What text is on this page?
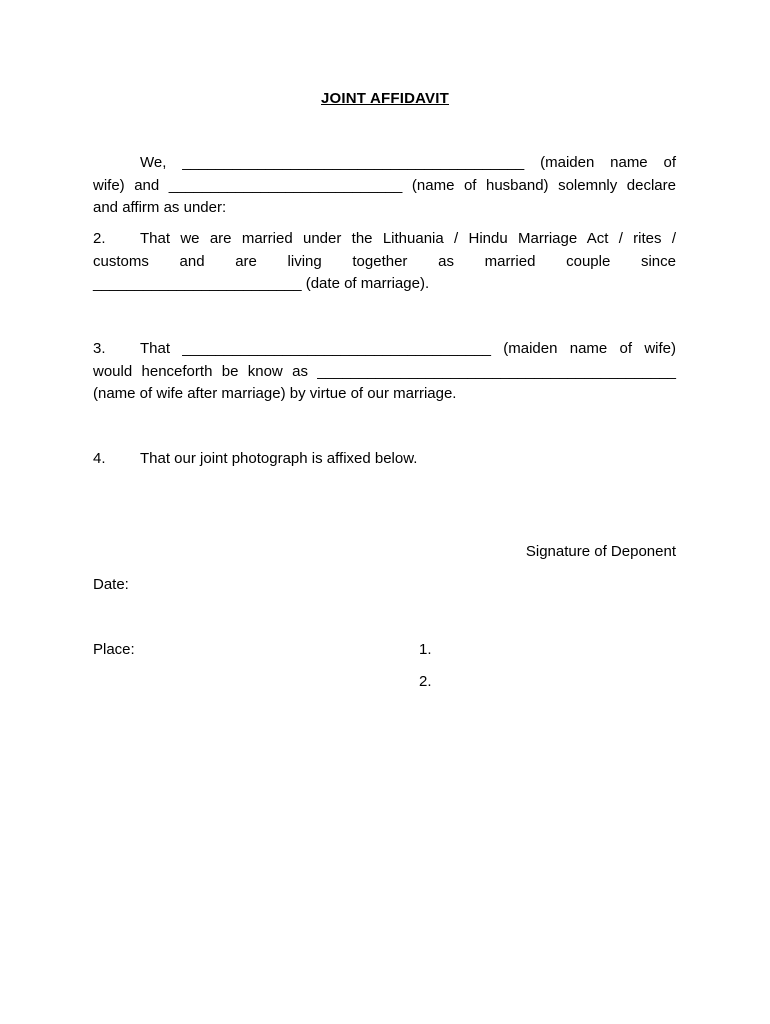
JOINT AFFIDAVIT
We, _________________________________________ (maiden name of
wife) and ____________________________ (name of husband) solemnly declare
and affirm as under:
2. That we are married under the Lithuania / Hindu Marriage Act / rites /
customs and are living together as married couple since
_________________________ (date of marriage).
3. That _____________________________________ (maiden name of wife)
would henceforth be know as ___________________________________________
(name of wife after marriage) by virtue of our marriage.
4. That our joint photograph is affixed below.
Signature of Deponent
Date:
Place:	1.
2.
